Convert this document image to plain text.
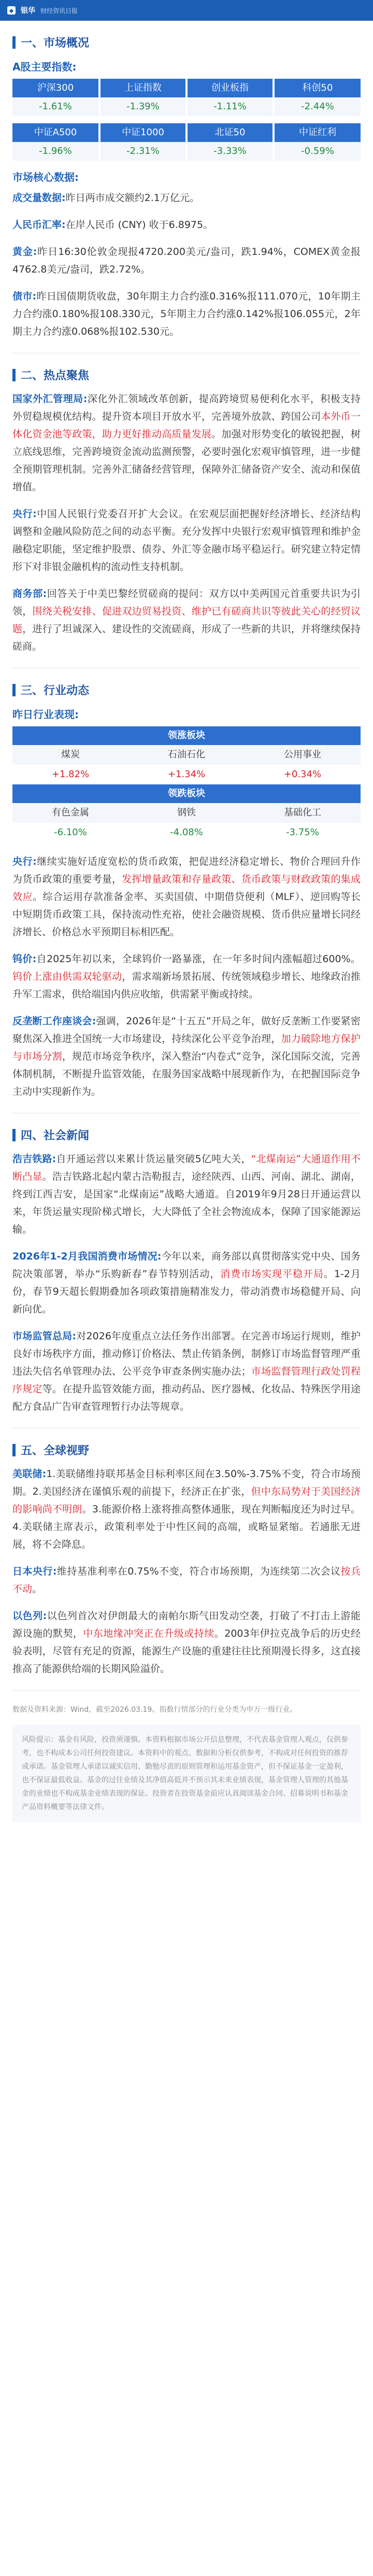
◆ 银华 财经资讯日报
一、市场概况
A股主要指数:
沪深300	上证指数	创业板指	科创50

-1.61%	-1.39%	-1.11%	-2.44%
中证A500	中证1000	北证50	中证红利

-1.96%	-2.31%	-3.33%	-0.59%
市场核心数据:

成交量数据:昨日两市成交额约2.1万亿元。

人民币汇率:在岸人民币 (CNY) 收于6.8975。

黄金:昨日16:30伦敦金现报4720.200美元/盎司，跌1.94%，COMEX黄金报4762.8美元/盎司，跌2.72%。

债市:昨日国债期货收盘，30年期主力合约涨0.316%报111.070元，10年期主力合约涨0.180%报108.330元，5年期主力合约涨0.142%报106.055元，2年期主力合约涨0.068%报102.530元。

二、热点聚焦

国家外汇管理局:深化外汇领域改革创新，提高跨境贸易便利化水平，积极支持外贸稳规模优结构。提升资本项目开放水平，完善境外放款、跨国公司本外币一体化资金池等政策，助力更好推动高质量发展。加强对形势变化的敏锐把握，树立底线思维，完善跨境资金流动监测预警，必要时强化宏观审慎管理，进一步健全预期管理机制。完善外汇储备经营管理，保障外汇储备资产安全、流动和保值增值。

央行:中国人民银行党委召开扩大会议。在宏观层面把握好经济增长、经济结构调整和金融风险防范之间的动态平衡。充分发挥中央银行宏观审慎管理和维护金融稳定职能，坚定维护股票、债券、外汇等金融市场平稳运行。研究建立特定情形下对非银金融机构的流动性支持机制。

商务部:回答关于中美巴黎经贸磋商的提问：双方以中美两国元首重要共识为引领，围绕关税安排、促进双边贸易投资、维护已有磋商共识等彼此关心的经贸议题，进行了坦诚深入、建设性的交流磋商，形成了一些新的共识，并将继续保持磋商。

三、行业动态
昨日行业表现:
领涨板块
煤炭	石油石化	公用事业
+1.82%	+1.34%	+0.34%
领跌板块
有色金属	钢铁	基础化工
-6.10%	-4.08%	-3.75%

央行:继续实施好适度宽松的货币政策，把促进经济稳定增长、物价合理回升作为货币政策的重要考量，发挥增量政策和存量政策、货币政策与财政政策的集成效应。综合运用存款准备金率、买卖国债、中期借贷便利（MLF）、逆回购等长中短期货币政策工具，保持流动性充裕，使社会融资规模、货币供应量增长同经济增长、价格总水平预期目标相匹配。

钨价:自2025年初以来，全球钨价一路暴涨，在一年多时间内涨幅超过600%。钨价上涨由供需双轮驱动，需求端新场景拓展、传统领域稳步增长、地缘政治推升军工需求，供给端国内供应收缩，供需紧平衡或持续。

反垄断工作座谈会:强调，2026年是“十五五”开局之年，做好反垄断工作要紧密聚焦深入推进全国统一大市场建设，持续深化公平竞争治理，加力破除地方保护与市场分割，规范市场竞争秩序，深入整治“内卷式”竞争，深化国际交流，完善体制机制，不断提升监管效能，在服务国家战略中展现新作为，在把握国际竞争主动中实现新作为。

四、社会新闻

浩吉铁路:自开通运营以来累计货运量突破5亿吨大关，“北煤南运”大通道作用不断凸显。浩吉铁路北起内蒙古浩勒报吉，途经陕西、山西、河南、湖北、湖南，终到江西吉安，是国家“北煤南运”战略大通道。自2019年9月28日开通运营以来，年货运量实现阶梯式增长，大大降低了全社会物流成本，保障了国家能源运输。

2026年1-2月我国消费市场情况:今年以来，商务部以真贯彻落实党中央、国务院决策部署，举办“乐购新春”春节特别活动，消费市场实现平稳开局。1-2月份，春节9天超长假期叠加各项政策措施精准发力，带动消费市场稳健开局、向新向优。

市场监管总局:对2026年度重点立法任务作出部署。在完善市场运行规则，维护良好市场秩序方面，推动修订价格法、禁止传销条例，制修订市场监督管理严重违法失信名单管理办法、公平竞争审查条例实施办法；市场监督管理行政处罚程序规定等。在提升监管效能方面，推动药品、医疗器械、化妆品、特殊医学用途配方食品广告审查管理暂行办法等规章。

五、全球视野

美联储:1.美联储维持联邦基金目标利率区间在3.50%-3.75%不变，符合市场预期。2.美国经济在谨慎乐观的前提下，经济正在扩张，但中东局势对于美国经济的影响尚不明朗。3.能源价格上涨将推高整体通胀，现在判断幅度还为时过早。4.美联储主席表示，政策利率处于中性区间的高端，或略显紧缩。若通胀无进展，将不会降息。

日本央行:维持基准利率在0.75%不变，符合市场预期，为连续第二次会议按兵不动。

以色列:以色列首次对伊朗最大的南帕尔斯气田发动空袭，打破了不打击上游能源设施的默契，中东地缘冲突正在升级或持续。2003年伊拉克战争后的历史经验表明，尽管有充足的资源，能源生产设施的重建往往比预期漫长得多，这直接推高了能源供给端的长期风险溢价。

数据及资料来源：Wind，截至2026.03.19。指数行情部分的行业分类为申万一级行业。

风险提示：基金有风险，投资须谨慎。本资料根据市场公开信息整理，不代表基金管理人观点，仅供参考，也不构成本公司任何投资建议。本资料中的观点、数据和分析仅供参考，不构成对任何投资的推荐或承诺。基金管理人承诺以诚实信用、勤勉尽责的原则管理和运用基金资产，但不保证基金一定盈利，也不保证最低收益。基金的过往业绩及其净值高低并不预示其未来业绩表现，基金管理人管理的其他基金的业绩也不构成基金业绩表现的保证。投资者在投资基金前应认真阅读基金合同、招募说明书和基金产品资料概要等法律文件。
